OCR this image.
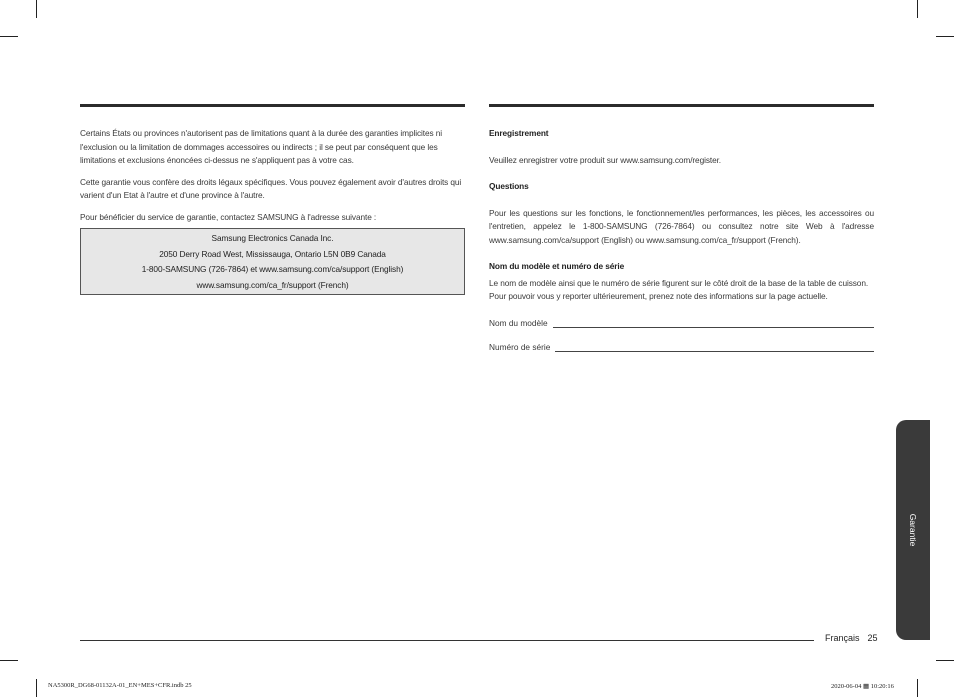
Certains États ou provinces n'autorisent pas de limitations quant à la durée des garanties implicites ni l'exclusion ou la limitation de dommages accessoires ou indirects ; il se peut par conséquent que les limitations et exclusions énoncées ci-dessus ne s'appliquent pas à votre cas.

Cette garantie vous confère des droits légaux spécifiques. Vous pouvez également avoir d'autres droits qui varient d'un Etat à l'autre et d'une province à l'autre.

Pour bénéficier du service de garantie, contactez SAMSUNG à l'adresse suivante :

Samsung Electronics Canada Inc.

2050 Derry Road West, Mississauga, Ontario L5N 0B9 Canada

1-800-SAMSUNG (726-7864) et www.samsung.com/ca/support (English)

www.samsung.com/ca_fr/support (French)

Enregistrement

Veuillez enregistrer votre produit sur www.samsung.com/register.

Questions

Pour les questions sur les fonctions, le fonctionnement/les performances, les pièces, les accessoires ou l'entretien, appelez le 1-800-SAMSUNG (726-7864) ou consultez notre site Web à l'adresse www.samsung.com/ca/support (English) ou www.samsung.com/ca_fr/support (French).

Nom du modèle et numéro de série

Le nom de modèle ainsi que le numéro de série figurent sur le côté droit de la base de la table de cuisson. Pour pouvoir vous y reporter ultérieurement, prenez note des informations sur la page actuelle.

Nom du modèle
Numéro de série
Garantie
Français 25
NA5300R_DG68-01132A-01_EN+MES+CFR.indb 25	2020-06-04 ▦ 10:20:16
